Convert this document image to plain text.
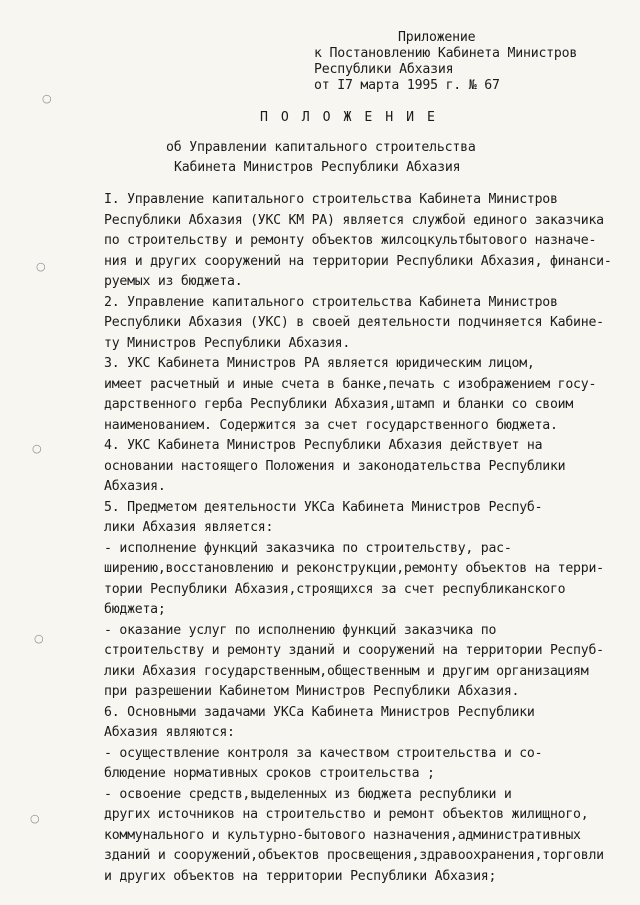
Приложение
к Постановлению Кабинета Министров
Республики Абхазия
от I7 марта 1995 г. № 67
П О Л О Ж Е Н И Е
об Управлении капитального строительства
Кабинета Министров Республики Абхазия
I. Управление капитального строительства Кабинета Министров
Республики Абхазия (УКС КМ РА) является службой единого заказчика
по строительству и ремонту объектов жилсоцкультбытового назначе-
ния и других сооружений на территории Республики Абхазия, финанси-
руемых из бюджета.
2. Управление капитального строительства Кабинета Министров
Республики Абхазия (УКС) в своей деятельности подчиняется Кабине-
ту Министров Республики Абхазия.
3. УКС Кабинета Министров РА является юридическим лицом,
имеет расчетный и иные счета в банке,печать с изображением госу-
дарственного герба Республики Абхазия,штамп и бланки со своим
наименованием. Содержится за счет государственного бюджета.
4. УКС Кабинета Министров Республики Абхазия действует на
основании настоящего Положения и законодательства Республики
Абхазия.
5. Предметом деятельности УКСа Кабинета Министров Респуб-
лики Абхазия является:
- исполнение функций заказчика по строительству, рас-
ширению,восстановлению и реконструкции,ремонту объектов на терри-
тории Республики Абхазия,строящихся за счет республиканского
бюджета;
- оказание услуг по исполнению функций заказчика по
строительству и ремонту зданий и сооружений на территории Респуб-
лики Абхазия государственным,общественным и другим организациям
при разрешении Кабинетом Министров Республики Абхазия.
6. Основными задачами УКСа Кабинета Министров Республики
Абхазия являются:
- осуществление контроля за качеством строительства и со-
блюдение нормативных сроков строительства ;
- освоение средств,выделенных из бюджета республики и
других источников на строительство и ремонт объектов жилищного,
коммунального и культурно-бытового назначения,административных
зданий и сооружений,объектов просвещения,здравоохранения,торговли
и других объектов на территории Республики Абхазия;
○
○
○
○
○
